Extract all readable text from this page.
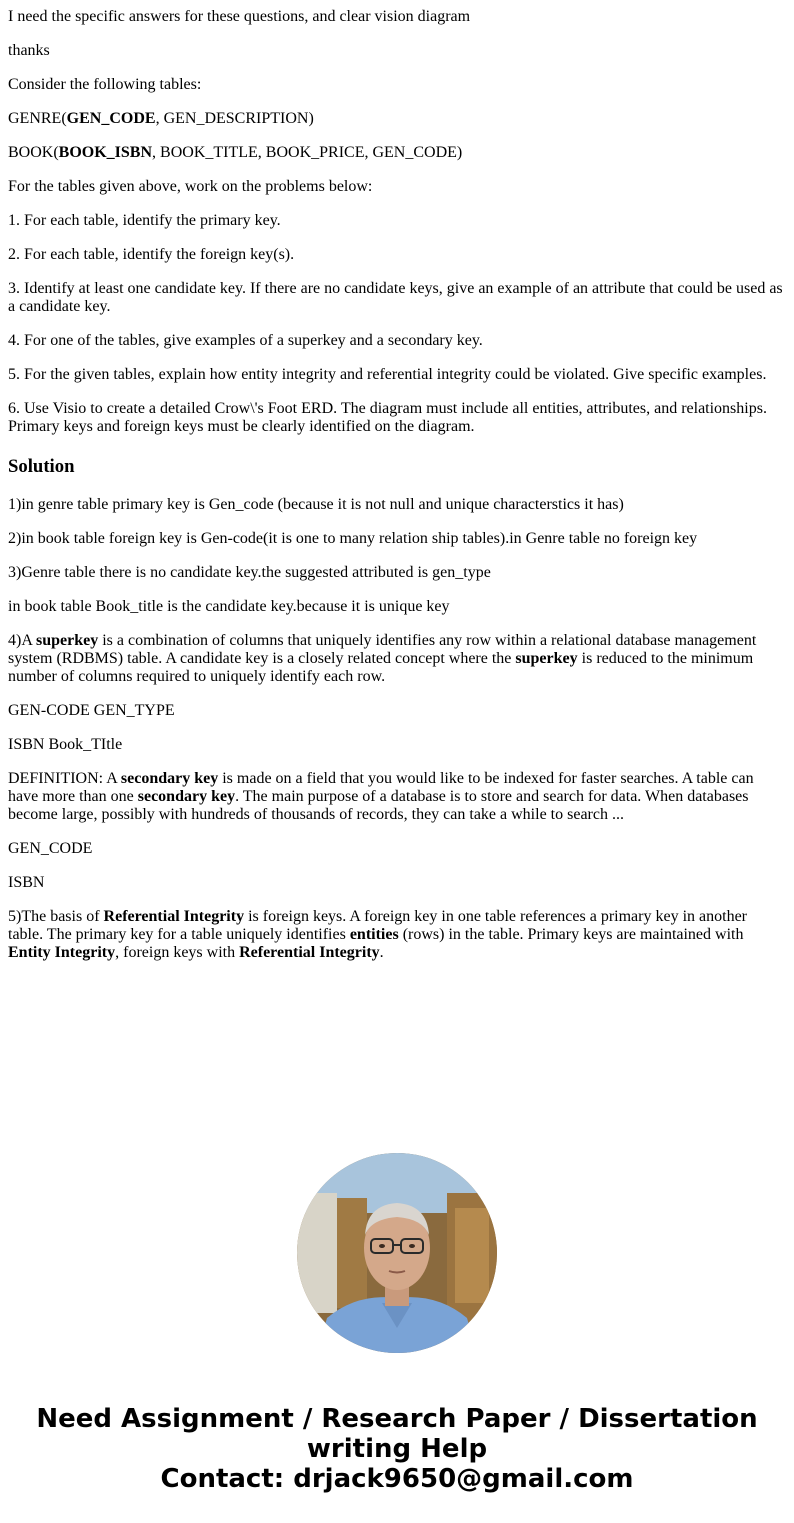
I need the specific answers for these questions, and clear vision diagram
thanks
Consider the following tables:
GENRE(GEN_CODE, GEN_DESCRIPTION)
BOOK(BOOK_ISBN, BOOK_TITLE, BOOK_PRICE, GEN_CODE)
For the tables given above, work on the problems below:
1. For each table, identify the primary key.
2. For each table, identify the foreign key(s).
3. Identify at least one candidate key. If there are no candidate keys, give an example of an attribute that could be used as a candidate key.
4. For one of the tables, give examples of a superkey and a secondary key.
5. For the given tables, explain how entity integrity and referential integrity could be violated. Give specific examples.
6. Use Visio to create a detailed Crow\'s Foot ERD. The diagram must include all entities, attributes, and relationships. Primary keys and foreign keys must be clearly identified on the diagram.
Solution
1)in genre table primary key is Gen_code (because it is not null and unique characterstics it has)
2)in book table foreign key is Gen-code(it is one to many relation ship tables).in Genre table no foreign key
3)Genre table there is no candidate key.the suggested attributed is gen_type
in book table Book_title is the candidate key.because it is unique key
4)A superkey is a combination of columns that uniquely identifies any row within a relational database management system (RDBMS) table. A candidate key is a closely related concept where the superkey is reduced to the minimum number of columns required to uniquely identify each row.
GEN-CODE GEN_TYPE
ISBN Book_TItle
DEFINITION: A secondary key is made on a field that you would like to be indexed for faster searches. A table can have more than one secondary key. The main purpose of a database is to store and search for data. When databases become large, possibly with hundreds of thousands of records, they can take a while to search ...
GEN_CODE
ISBN
5)The basis of Referential Integrity is foreign keys. A foreign key in one table references a primary key in another table. The primary key for a table uniquely identifies entities (rows) in the table. Primary keys are maintained with Entity Integrity, foreign keys with Referential Integrity.
Need Assignment / Research Paper / Dissertation writing Help
Contact: drjack9650@gmail.com
